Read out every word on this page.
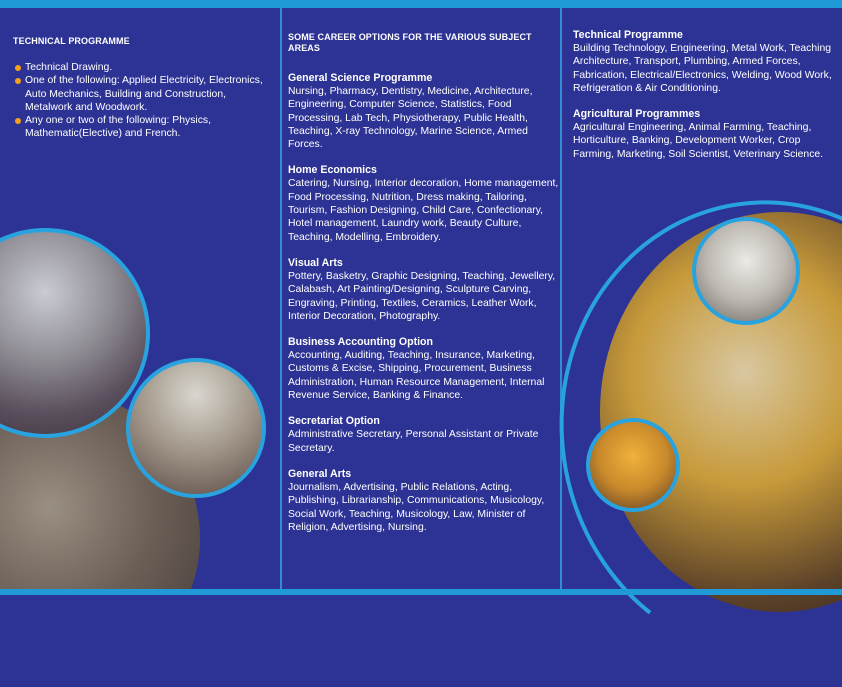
TECHNICAL PROGRAMME
Technical Drawing.
One of the following: Applied Electricity, Electronics, Auto Mechanics, Building and Construction, Metalwork and Woodwork.
Any one or two of the following: Physics, Mathematic(Elective) and French.
SOME CAREER OPTIONS FOR THE VARIOUS SUBJECT AREAS
General Science Programme
Nursing, Pharmacy, Dentistry, Medicine, Architecture, Engineering, Computer Science, Statistics, Food Processing, Lab Tech, Physiotherapy, Public Health, Teaching, X-ray Technology, Marine Science, Armed Forces.
Home Economics
Catering, Nursing, Interior decoration, Home management, Food Processing, Nutrition, Dress making, Tailoring, Tourism, Fashion Designing, Child Care, Confectionary, Hotel management, Laundry work, Beauty Culture, Teaching, Modelling, Embroidery.
Visual Arts
Pottery, Basketry, Graphic Designing, Teaching, Jewellery, Calabash, Art Painting/Designing, Sculpture Carving, Engraving, Printing, Textiles, Ceramics, Leather Work, Interior Decoration, Photography.
Business Accounting Option
Accounting, Auditing, Teaching, Insurance, Marketing, Customs & Excise, Shipping, Procurement, Business Administration, Human Resource Management, Internal Revenue Service, Banking & Finance.
Secretariat Option
Administrative Secretary, Personal Assistant or Private Secretary.
General Arts
Journalism, Advertising, Public Relations, Acting, Publishing, Librarianship, Communications, Musicology, Social Work, Teaching, Musicology, Law, Minister of Religion, Advertising, Nursing.
Technical Programme
Building Technology, Engineering, Metal Work, Teaching Architecture, Transport, Plumbing, Armed Forces, Fabrication, Electrical/Electronics, Welding, Wood Work, Refrigeration & Air Conditioning.
Agricultural Programmes
Agricultural Engineering, Animal Farming, Teaching, Horticulture, Banking, Development Worker, Crop Farming, Marketing, Soil Scientist, Veterinary Science.
